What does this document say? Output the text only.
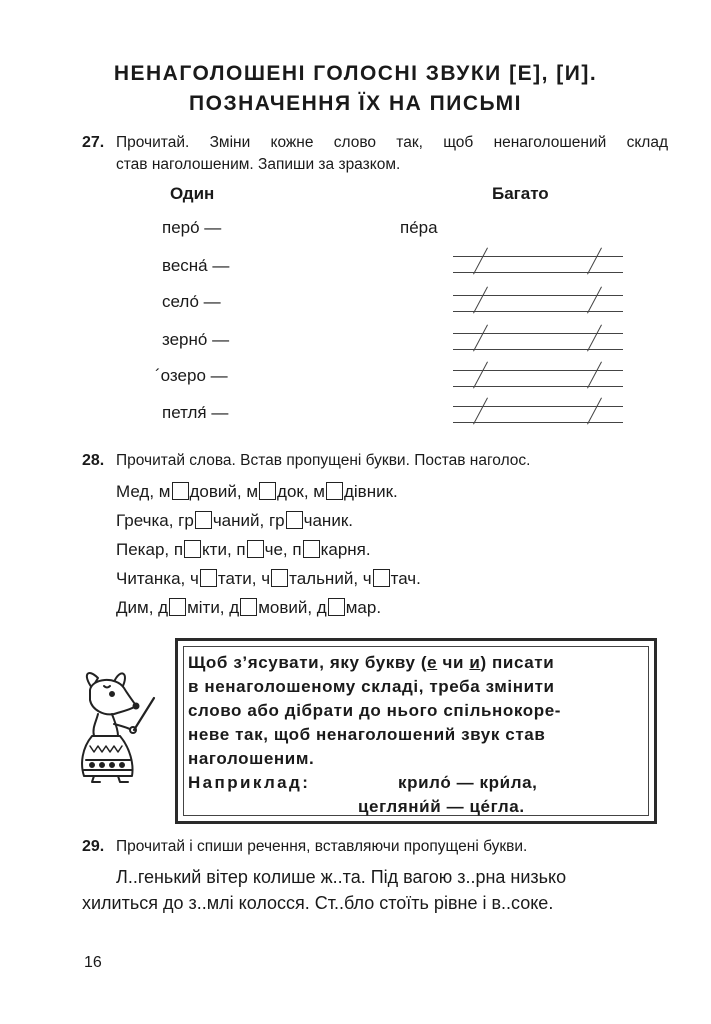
НЕНАГОЛОШЕНІ ГОЛОСНІ ЗВУКИ [Е], [И].
ПОЗНАЧЕННЯ ЇХ НА ПИСЬМІ
27. Прочитай. Зміни кожне слово так, щоб ненаголошений склад
став наголошеним. Запиши за зразком.
Один	Багато
перо́ —
весна́ —
село́ —
зерно́ —
´озеро —
петля́ —
пе́ра
28. Прочитай слова. Встав пропущені букви. Постав наголос.
Мед, м довий, м док, м дівник.
Гречка, гр чаний, гр чаник.
Пекар, п кти, п че, п карня.
Читанка, ч тати, ч тальний, ч тач.
Дим, д міти, д мовий, д мар.
Щоб з’ясувати, яку букву (е чи и) писати
в ненаголошеному складі, треба змінити
слово або дібрати до нього спільнокоре-
неве так, щоб ненаголошений звук став
наголошеним.
Наприклад:	крило́ — кри́ла,
цегляни́й — це́гла.
29. Прочитай і спиши речення, вставляючи пропущені букви.
Л..генький вітер колише ж..та. Під вагою з..рна низько
хилиться до з..млі колосся. Ст..бло стоїть рівне і в..соке.
16
